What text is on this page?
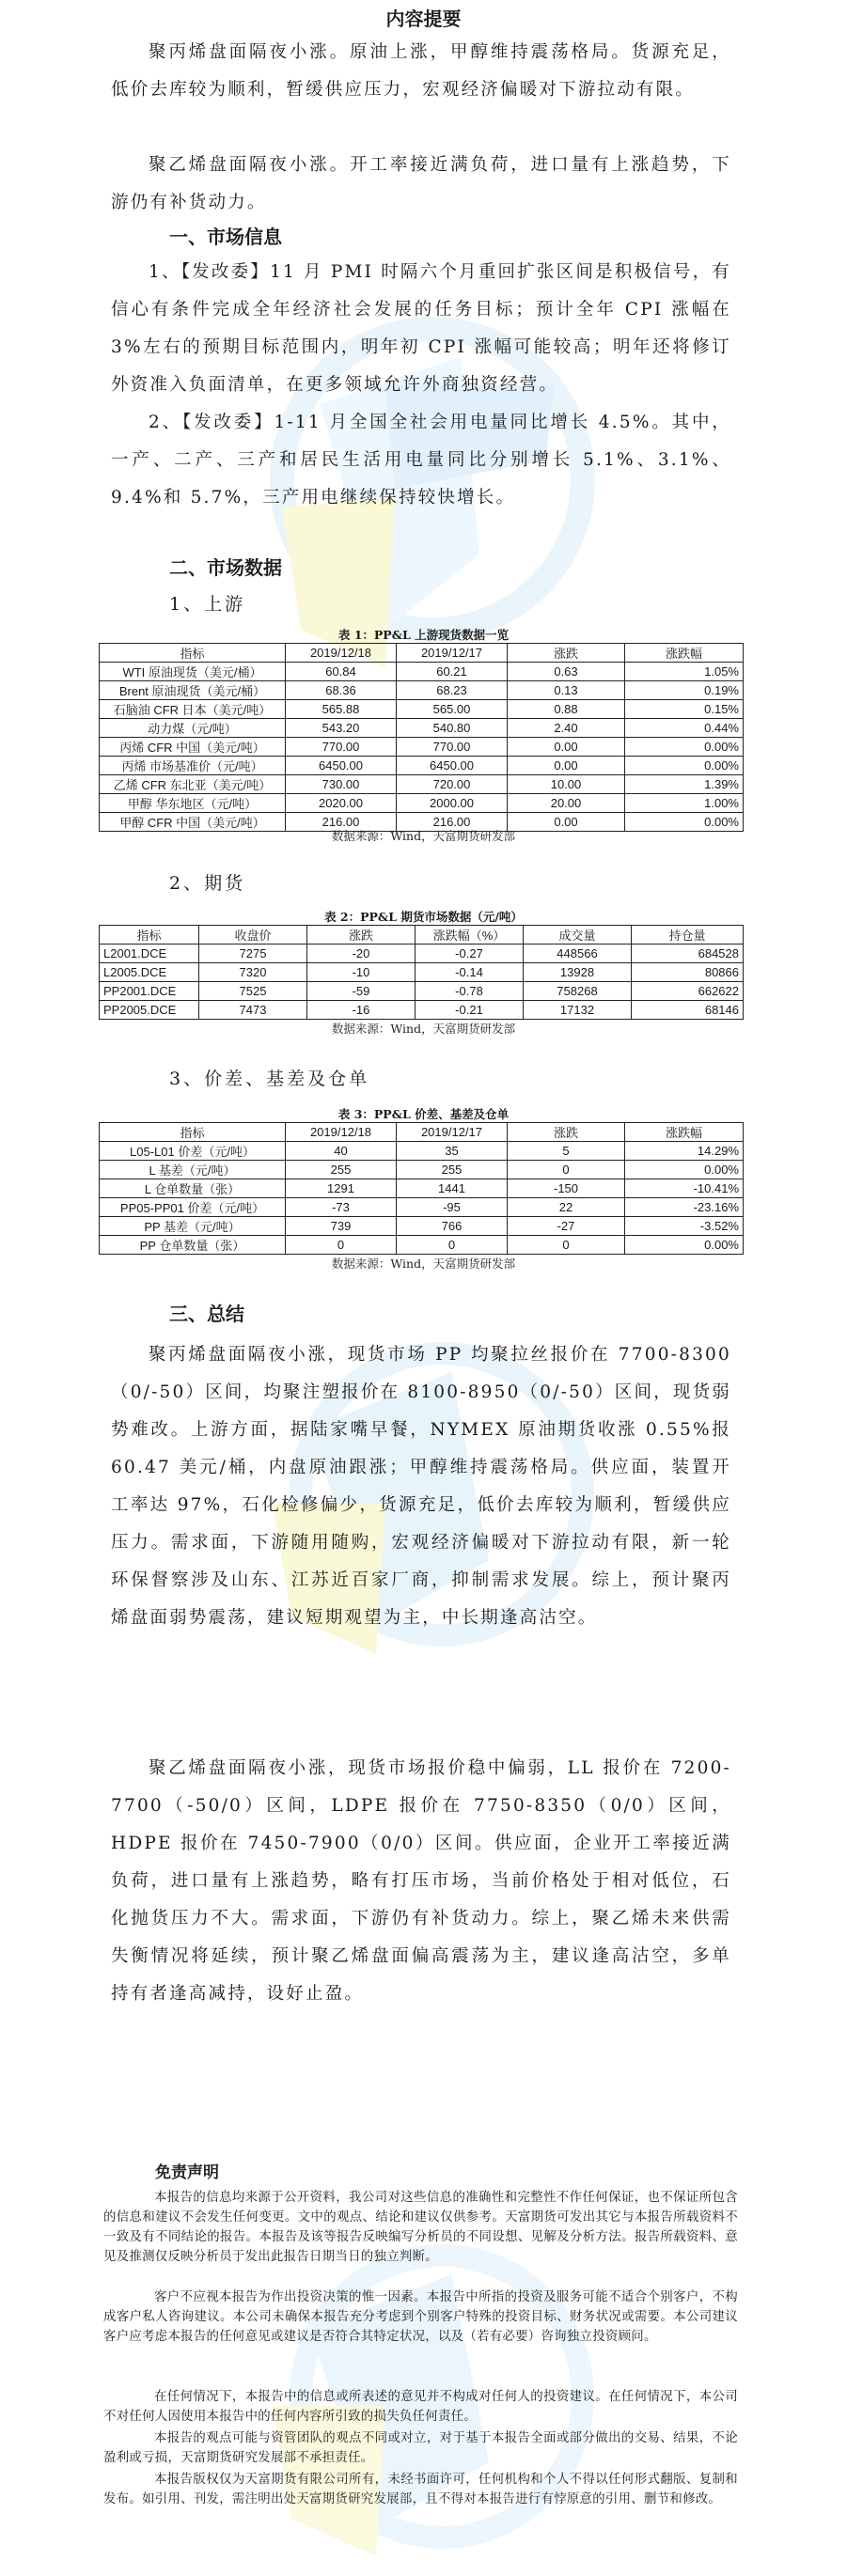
内容提要

聚丙烯盘面隔夜小涨。原油上涨，甲醇维持震荡格局。货源充足，低价去库较为顺利，暂缓供应压力，宏观经济偏暖对下游拉动有限。

聚乙烯盘面隔夜小涨。开工率接近满负荷，进口量有上涨趋势，下游仍有补货动力。

一、市场信息

1、【发改委】11 月 PMI 时隔六个月重回扩张区间是积极信号，有信心有条件完成全年经济社会发展的任务目标；预计全年 CPI 涨幅在 3%左右的预期目标范围内，明年初 CPI 涨幅可能较高；明年还将修订外资准入负面清单，在更多领域允许外商独资经营。

2、【发改委】1-11 月全国全社会用电量同比增长 4.5%。其中，一产、二产、三产和居民生活用电量同比分别增长 5.1%、3.1%、9.4%和 5.7%，三产用电继续保持较快增长。

二、市场数据
1、上游
表 1：PP&L 上游现货数据一览
指标	2019/12/18	2019/12/17	涨跌	涨跌幅
WTI 原油现货（美元/桶）	60.84	60.21	0.63	1.05%
Brent 原油现货（美元/桶）	68.36	68.23	0.13	0.19%
石脑油 CFR 日本（美元/吨）	565.88	565.00	0.88	0.15%
动力煤（元/吨）	543.20	540.80	2.40	0.44%
丙烯 CFR 中国（美元/吨）	770.00	770.00	0.00	0.00%
丙烯 市场基准价（元/吨）	6450.00	6450.00	0.00	0.00%
乙烯 CFR 东北亚（美元/吨）	730.00	720.00	10.00	1.39%
甲醇 华东地区（元/吨）	2020.00	2000.00	20.00	1.00%
甲醇 CFR 中国（美元/吨）	216.00	216.00	0.00	0.00%
数据来源：Wind，天富期货研发部
2、期货
表 2：PP&L 期货市场数据（元/吨）
指标	收盘价	涨跌	涨跌幅（%）	成交量	持仓量
L2001.DCE	7275	-20	-0.27	448566	684528
L2005.DCE	7320	-10	-0.14	13928	80866
PP2001.DCE	7525	-59	-0.78	758268	662622
PP2005.DCE	7473	-16	-0.21	17132	68146
数据来源：Wind，天富期货研发部
3、价差、基差及仓单
表 3：PP&L 价差、基差及仓单
指标	2019/12/18	2019/12/17	涨跌	涨跌幅
L05-L01 价差（元/吨）	40	35	5	14.29%
L 基差（元/吨）	255	255	0	0.00%
L 仓单数量（张）	1291	1441	-150	-10.41%
PP05-PP01 价差（元/吨）	-73	-95	22	-23.16%
PP 基差（元/吨）	739	766	-27	-3.52%
PP 仓单数量（张）	0	0	0	0.00%
数据来源：Wind，天富期货研发部
三、总结

聚丙烯盘面隔夜小涨，现货市场 PP 均聚拉丝报价在 7700-8300（0/-50）区间，均聚注塑报价在 8100-8950（0/-50）区间，现货弱势难改。上游方面，据陆家嘴早餐，NYMEX 原油期货收涨 0.55%报 60.47 美元/桶，内盘原油跟涨；甲醇维持震荡格局。供应面，装置开工率达 97%，石化检修偏少，货源充足，低价去库较为顺利，暂缓供应压力。需求面，下游随用随购，宏观经济偏暖对下游拉动有限，新一轮环保督察涉及山东、江苏近百家厂商，抑制需求发展。综上，预计聚丙烯盘面弱势震荡，建议短期观望为主，中长期逢高沽空。

聚乙烯盘面隔夜小涨，现货市场报价稳中偏弱，LL 报价在 7200-7700（-50/0）区间，LDPE 报价在 7750-8350（0/0）区间，HDPE 报价在 7450-7900（0/0）区间。供应面，企业开工率接近满负荷，进口量有上涨趋势，略有打压市场，当前价格处于相对低位，石化抛货压力不大。需求面，下游仍有补货动力。综上，聚乙烯未来供需失衡情况将延续，预计聚乙烯盘面偏高震荡为主，建议逢高沽空，多单持有者逢高减持，设好止盈。

免责声明

本报告的信息均来源于公开资料，我公司对这些信息的准确性和完整性不作任何保证，也不保证所包含的信息和建议不会发生任何变更。文中的观点、结论和建议仅供参考。天富期货可发出其它与本报告所载资料不一致及有不同结论的报告。本报告及该等报告反映编写分析员的不同设想、见解及分析方法。报告所载资料、意见及推测仅反映分析员于发出此报告日期当日的独立判断。

客户不应视本报告为作出投资决策的惟一因素。本报告中所指的投资及服务可能不适合个别客户，不构成客户私人咨询建议。本公司未确保本报告充分考虑到个别客户特殊的投资目标、财务状况或需要。本公司建议客户应考虑本报告的任何意见或建议是否符合其特定状况，以及（若有必要）咨询独立投资顾问。

在任何情况下，本报告中的信息或所表述的意见并不构成对任何人的投资建议。在任何情况下，本公司不对任何人因使用本报告中的任何内容所引致的损失负任何责任。

本报告的观点可能与资管团队的观点不同或对立，对于基于本报告全面或部分做出的交易、结果，不论盈利或亏损，天富期货研究发展部不承担责任。

本报告版权仅为天富期货有限公司所有，未经书面许可，任何机构和个人不得以任何形式翻版、复制和发布。如引用、刊发，需注明出处天富期货研究发展部，且不得对本报告进行有悖原意的引用、删节和修改。
